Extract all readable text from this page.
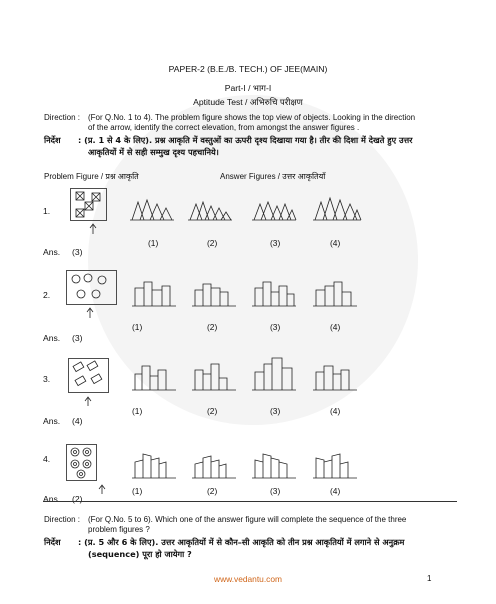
PAPER-2 (B.E./B. TECH.) OF JEE(MAIN)
Part-I / भाग-I
Aptitude Test / अभिरुचि परीक्षण
Direction : (For Q.No. 1 to 4). The problem figure shows the top view of objects. Looking in the direction
of the arrow, identify the correct elevation, from amongst the answer figures .
निर्देश : (प्र. 1 से 4 के लिए). प्रश्न आकृति में वस्तुओं का ऊपरी दृश्य दिखाया गया है। तीर की दिशा में देखते हुए उत्तर
आकृतियों में से सही सम्मुख दृश्य पहचानिये।
Problem Figure / प्रश्न आकृति	Answer Figures / उत्तर आकृतियाँ
1.
(1)	(2)	(3)	(4)
Ans. (3)
2.
(1)	(2)	(3)	(4)
Ans. (3)
3.
(1)	(2)	(3)	(4)
Ans. (4)
4.
(1)	(2)	(3)	(4)
Ans. (2)
Direction : (For Q.No. 5 to 6). Which one of the answer figure will complete the sequence of the three
problem figures ?
निर्देश : (प्र. 5 और 6 के लिए). उत्तर आकृतियों में से कौन–सी आकृति को तीन प्रश्न आकृतियों में लगाने से अनुक्रम
(sequence) पूरा हो जायेगा ?
www.vedantu.com	1
